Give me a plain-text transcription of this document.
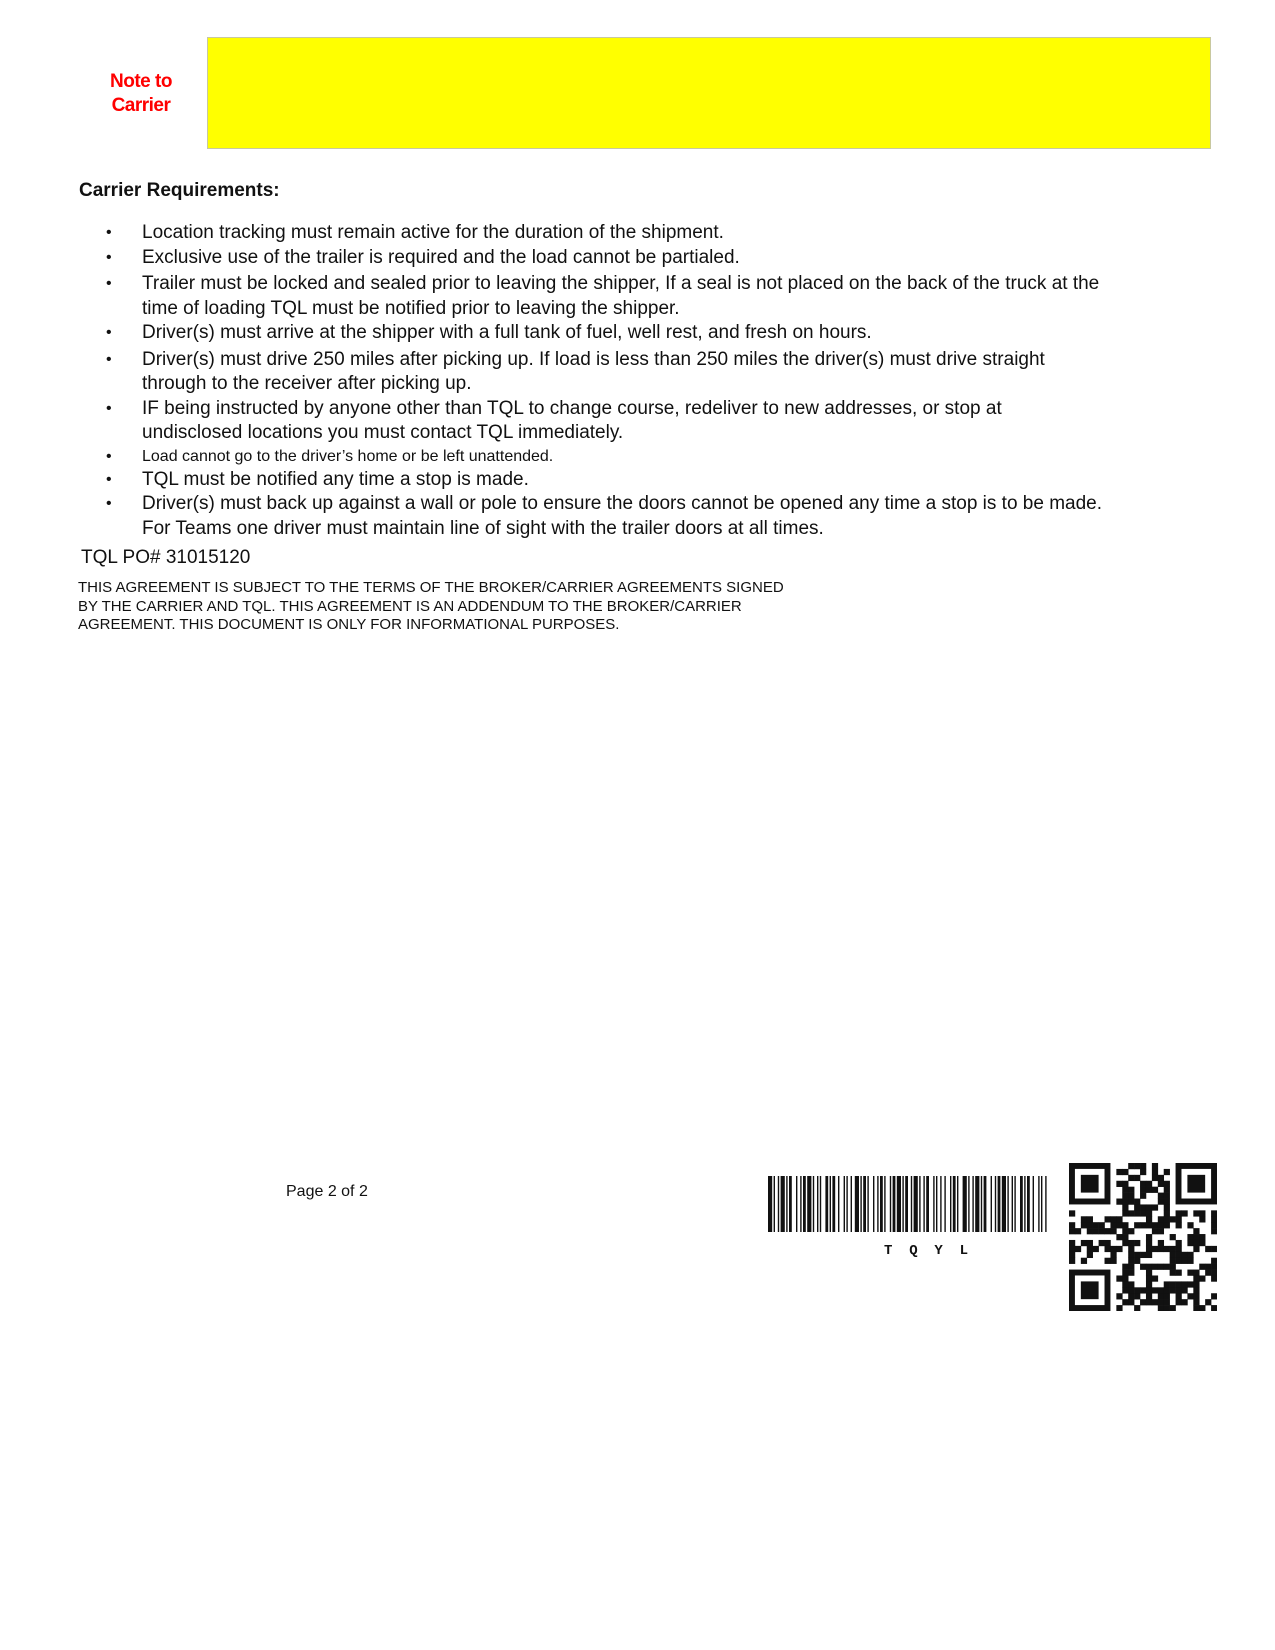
Note to
Carrier
Carrier Requirements:
• Location tracking must remain active for the duration of the shipment.
• Exclusive use of the trailer is required and the load cannot be partialed.
• Trailer must be locked and sealed prior to leaving the shipper, If a seal is not placed on the back of the truck at the time of loading TQL must be notified prior to leaving the shipper.
• Driver(s) must arrive at the shipper with a full tank of fuel, well rest, and fresh on hours.
• Driver(s) must drive 250 miles after picking up. If load is less than 250 miles the driver(s) must drive straight through to the receiver after picking up.
• IF being instructed by anyone other than TQL to change course, redeliver to new addresses, or stop at undisclosed locations you must contact TQL immediately.
• Load cannot go to the driver’s home or be left unattended.
• TQL must be notified any time a stop is made.
• Driver(s) must back up against a wall or pole to ensure the doors cannot be opened any time a stop is to be made. For Teams one driver must maintain line of sight with the trailer doors at all times.
TQL PO# 31015120

THIS AGREEMENT IS SUBJECT TO THE TERMS OF THE BROKER/CARRIER AGREEMENTS SIGNED BY THE CARRIER AND TQL. THIS AGREEMENT IS AN ADDENDUM TO THE BROKER/CARRIER AGREEMENT. THIS DOCUMENT IS ONLY FOR INFORMATIONAL PURPOSES.

Page 2 of 2
T  Q  Y  L
